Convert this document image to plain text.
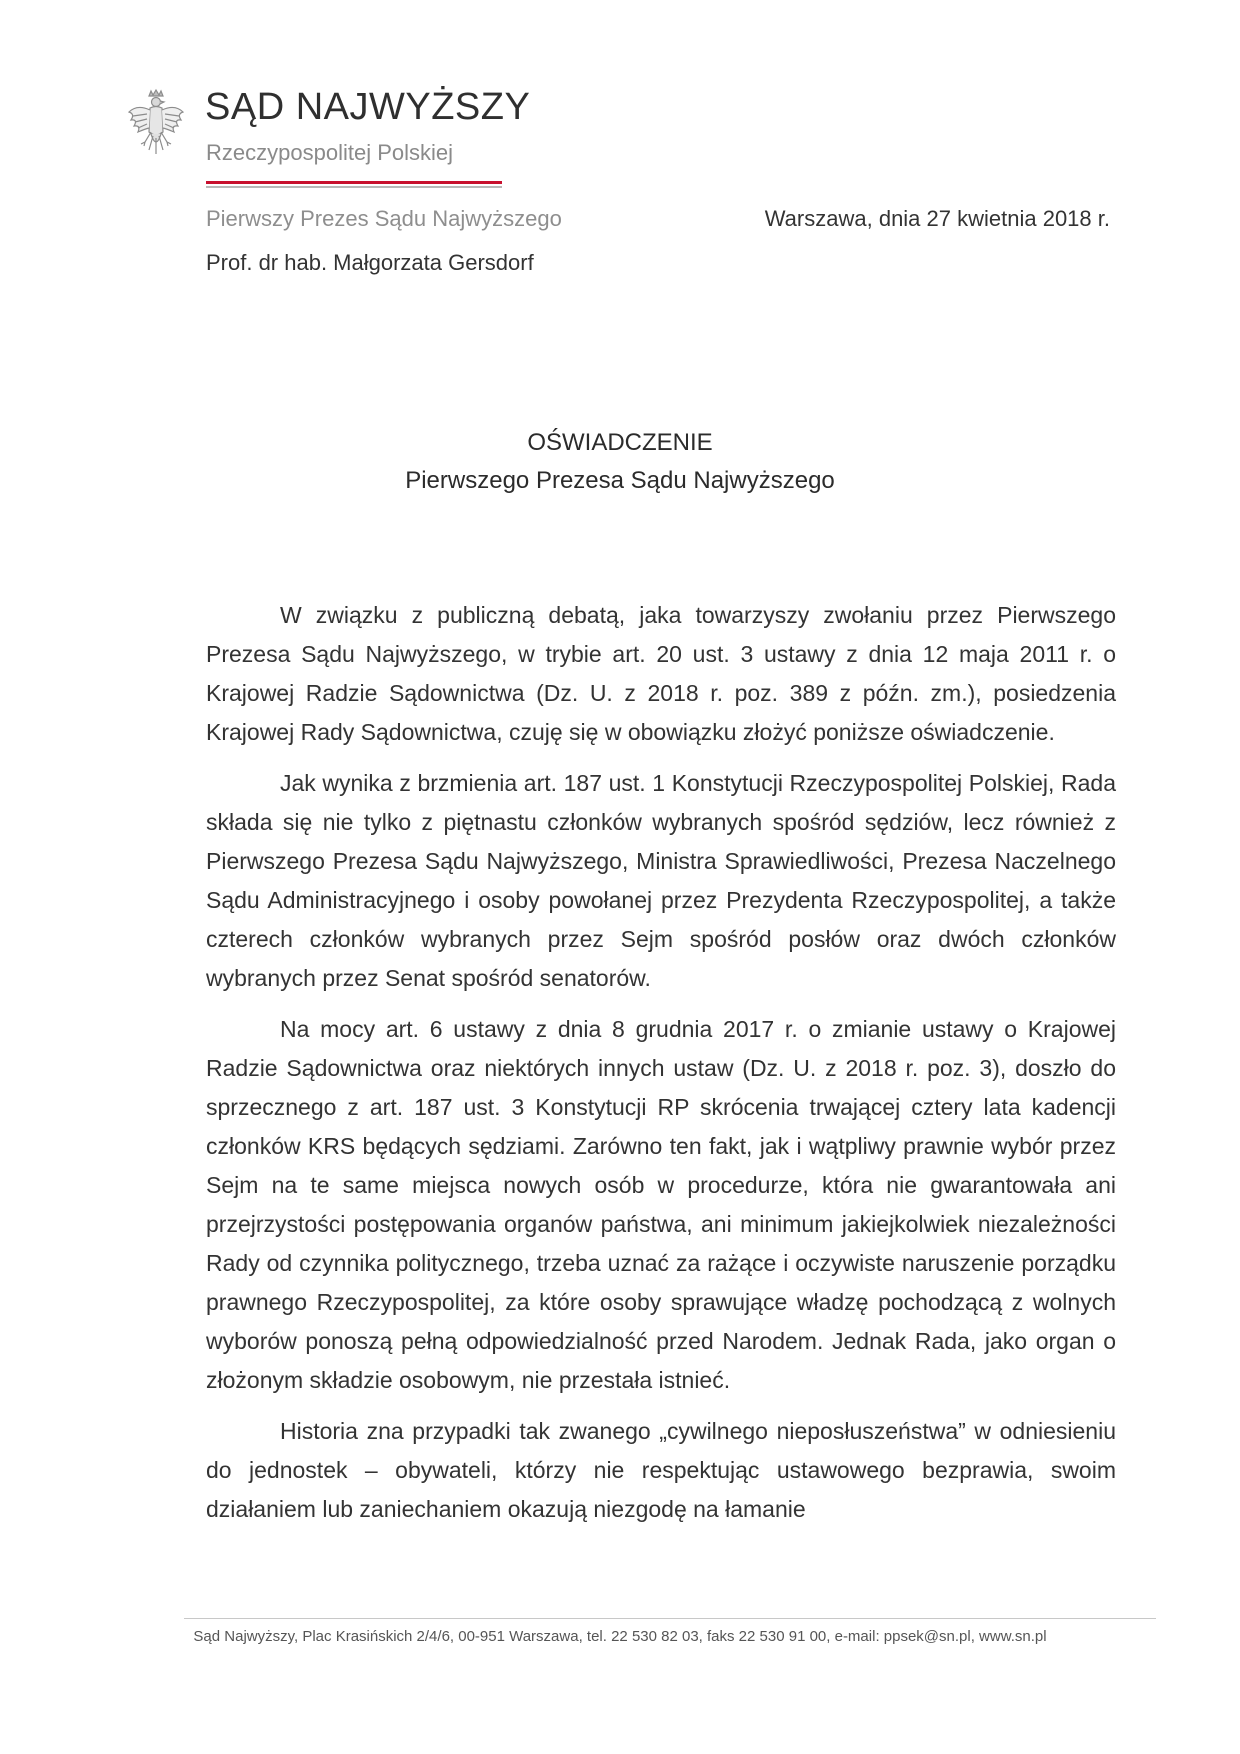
SĄD NAJWYŻSZY
Rzeczypospolitej Polskiej
Pierwszy Prezes Sądu Najwyższego	Warszawa, dnia 27 kwietnia 2018 r.
Prof. dr hab. Małgorzata Gersdorf
OŚWIADCZENIE
Pierwszego Prezesa Sądu Najwyższego

W związku z publiczną debatą, jaka towarzyszy zwołaniu przez Pierwszego Prezesa Sądu Najwyższego, w trybie art. 20 ust. 3 ustawy z dnia 12 maja 2011 r. o Krajowej Radzie Sądownictwa (Dz. U. z 2018 r. poz. 389 z późn. zm.), posiedzenia Krajowej Rady Sądownictwa, czuję się w obowiązku złożyć poniższe oświadczenie.

Jak wynika z brzmienia art. 187 ust. 1 Konstytucji Rzeczypospolitej Polskiej, Rada składa się nie tylko z piętnastu członków wybranych spośród sędziów, lecz również z Pierwszego Prezesa Sądu Najwyższego, Ministra Sprawiedliwości, Prezesa Naczelnego Sądu Administracyjnego i osoby powołanej przez Prezydenta Rzeczypospolitej, a także czterech członków wybranych przez Sejm spośród posłów oraz dwóch członków wybranych przez Senat spośród senatorów.

Na mocy art. 6 ustawy z dnia 8 grudnia 2017 r. o zmianie ustawy o Krajowej Radzie Sądownictwa oraz niektórych innych ustaw (Dz. U. z 2018 r. poz. 3), doszło do sprzecznego z art. 187 ust. 3 Konstytucji RP skrócenia trwającej cztery lata kadencji członków KRS będących sędziami. Zarówno ten fakt, jak i wątpliwy prawnie wybór przez Sejm na te same miejsca nowych osób w procedurze, która nie gwarantowała ani przejrzystości postępowania organów państwa, ani minimum jakiejkolwiek niezależności Rady od czynnika politycznego, trzeba uznać za rażące i oczywiste naruszenie porządku prawnego Rzeczypospolitej, za które osoby sprawujące władzę pochodzącą z wolnych wyborów ponoszą pełną odpowiedzialność przed Narodem. Jednak Rada, jako organ o złożonym składzie osobowym, nie przestała istnieć.

Historia zna przypadki tak zwanego „cywilnego nieposłuszeństwa” w odniesieniu do jednostek – obywateli, którzy nie respektując ustawowego bezprawia, swoim działaniem lub zaniechaniem okazują niezgodę na łamanie

Sąd Najwyższy, Plac Krasińskich 2/4/6, 00-951 Warszawa, tel. 22 530 82 03, faks 22 530 91 00, e-mail: ppsek@sn.pl, www.sn.pl
